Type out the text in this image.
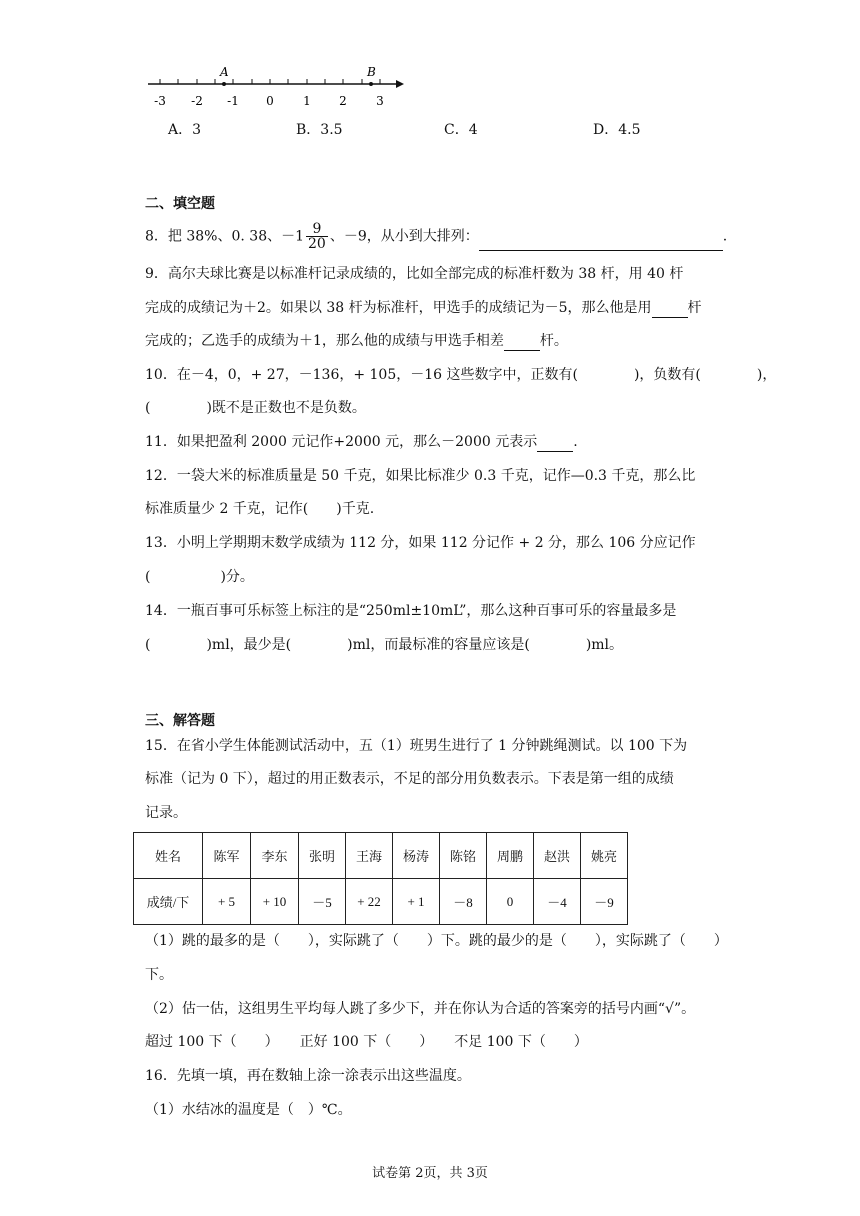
A	B
-3 -2 -1 0 1 2 3
A．3	B．3.5	C．4	D．4.5
二、填空题
8．把 38%、0. 38、$-1 \frac{9}{20}$ 、－9，从小到大排列：	.
9．高尔夫球比赛是以标准杆记录成绩的，比如全部完成的标准杆数为 38 杆，用 40 杆
完成的成绩记为＋2。如果以 38 杆为标准杆，甲选手的成绩记为－5，那么他是用	杆
完成的；乙选手的成绩为＋1，那么他的成绩与甲选手相差	杆。
10．在－4，0，+ 27，－136，+ 105，－16 这些数字中，正数有(　　　　)，负数有(　　　　)，
(　　　　)既不是正数也不是负数。
11．如果把盈利 2000 元记作+2000 元，那么－2000 元表示	.
12．一袋大米的标准质量是 50 千克，如果比标准少 0.3 千克，记作—0.3 千克，那么比
标准质量少 2 千克，记作(　　)千克.
13．小明上学期期末数学成绩为 112 分，如果 112 分记作 + 2 分，那么 106 分应记作
(　　　　　)分。
14．一瓶百事可乐标签上标注的是“250ml±10mL”，那么这种百事可乐的容量最多是
(　　　　)ml，最少是(　　　　)ml，而最标准的容量应该是(　　　　)ml。
三、解答题
15．在省小学生体能测试活动中，五（1）班男生进行了 1 分钟跳绳测试。以 100 下为
标准（记为 0 下），超过的用正数表示，不足的部分用负数表示。下表是第一组的成绩
记录。
姓名	陈军	李东	张明	王海	杨涛	陈铭	周鹏	赵洪	姚亮
成绩/下	+ 5	+ 10	－5	+ 22	+ 1	－8	0	－4	－9
（1）跳的最多的是（　　），实际跳了（　　）下。跳的最少的是（　　），实际跳了（　　）
下。
（2）估一估，这组男生平均每人跳了多少下，并在你认为合适的答案旁的括号内画“√”。
超过 100 下（　　）　　正好 100 下（　　）　　不足 100 下（　　）
16．先填一填，再在数轴上涂一涂表示出这些温度。
（1）水结冰的温度是（　）℃。
试卷第 2页，共 3页
